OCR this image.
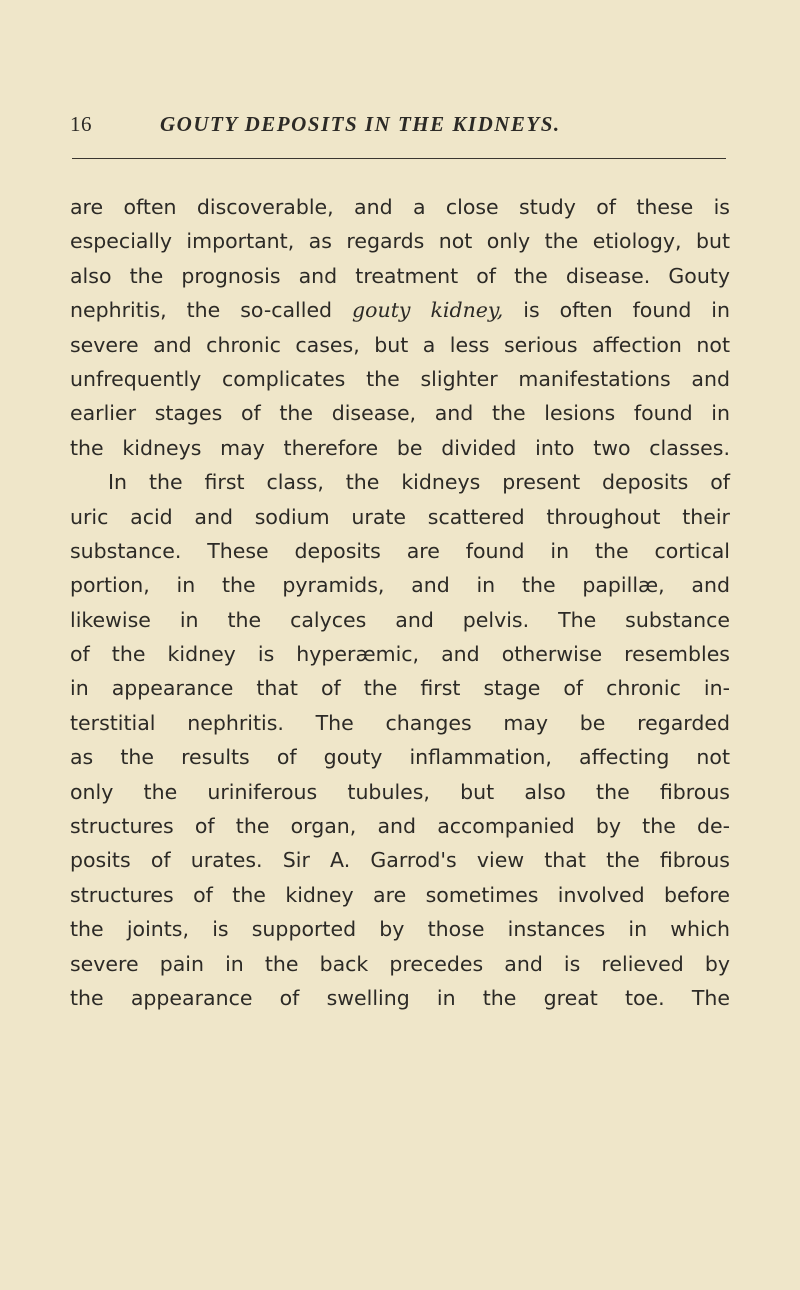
16	GOUTY DEPOSITS IN THE KIDNEYS.
are often discoverable, and a close study of these is
especially important, as regards not only the etiology, but
also the prognosis and treatment of the disease. Gouty
nephritis, the so-called gouty kidney, is often found in
severe and chronic cases, but a less serious affection not
unfrequently complicates the slighter manifestations and
earlier stages of the disease, and the lesions found in
the kidneys may therefore be divided into two classes.
In the first class, the kidneys present deposits of
uric acid and sodium urate scattered throughout their
substance. These deposits are found in the cortical
portion, in the pyramids, and in the papillæ, and
likewise in the calyces and pelvis. The substance
of the kidney is hyperæmic, and otherwise resembles
in appearance that of the first stage of chronic in-
terstitial nephritis. The changes may be regarded
as the results of gouty inflammation, affecting not
only the uriniferous tubules, but also the fibrous
structures of the organ, and accompanied by the de-
posits of urates. Sir A. Garrod's view that the fibrous
structures of the kidney are sometimes involved before
the joints, is supported by those instances in which
severe pain in the back precedes and is relieved by
the appearance of swelling in the great toe. The
